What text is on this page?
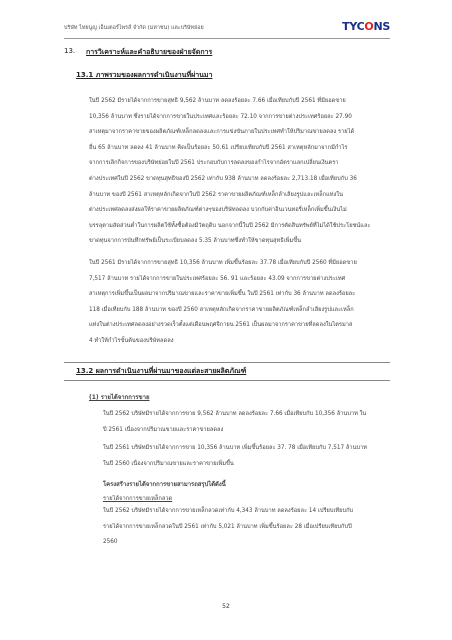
บริษัท ไทยนูญ เอ็นเตอร์ไพรส์ จำกัด (มหาชน) และบริษัทย่อย	TYCONS
13. การวิเคราะห์และคำอธิบายของฝ่ายจัดการ
13.1 ภาพรวมของผลการดำเนินงานที่ผ่านมา
ในปี 2562 มีรายได้จากการขายสุทธิ 9,562 ล้านบาท ลดลงร้อยละ 7.66 เมื่อเทียบกับปี 2561 ที่มียอดขาย
10,356 ล้านบาท ซึ่งรายได้จากการขายในประเทศและร้อยละ 72.10 จากการขายต่างประเทศร้อยละ 27.90
สาเหตุมาจากราคาขายของผลิตภัณฑ์เหล็กลดลงและการแข่งขันภายในประเทศทำให้ปริมาณขายลดลง รายได้
อื่น 65 ล้านบาท ลดลง 41 ล้านบาท คิดเป็นร้อยละ 50.61 เปรียบเทียบกับปี 2561 สาเหตุหลักมาจากมีกำไร
จากการเลิกกิจการของบริษัทย่อยในปี 2561 ประกอบกับการลดลงของกำไรจากอัตราแลกเปลี่ยนเงินตรา
ต่างประเทศในปี 2562 ขาดทุนสุทธิของปี 2562 เท่ากับ 938 ล้านบาท ลดลงร้อยละ 2,713.18 เมื่อเทียบกับ 36
ล้านบาท ของปี 2561 สาเหตุหลักเกิดจากในปี 2562 ราคาขายผลิตภัณฑ์เหล็กลำเลียงรูปและเหล็กแท่งใน
ต่างประเทศลดลงส่งผลให้ราคาขายผลิตภัณฑ์ต่างๆของบริษัทลดลง บวกกับค่าอินเวนทอรี่เหล็กเพิ่มขึ้นเงินไม่
บรรลุตามสัดส่วนต่ำในการผลิตใช้ทั้งซื้อต้องมีวัตถุดิบ นอกจากนี้ในปี 2562 มีการตัดสินทรัพย์ที่ไม่ได้ใช้ประโยชน์และ
ขาดทุนจากการบันทึกทรัพย์เป็นระเบียบลดลง 5.35 ล้านบาทซึ่งทำให้ขาดทุนสุทธิเพิ่มขึ้น
ในปี 2561 มีรายได้จากการขายสุทธิ 10,356 ล้านบาท เพิ่มขึ้นร้อยละ 37.78 เมื่อเทียบกับปี 2560 ที่มียอดขาย
7,517 ล้านบาท รายได้จากการขายในประเทศร้อยละ 56. 91 และร้อยละ 43.09 จากการขายต่างประเทศ
สาเหตุการเพิ่มขึ้นเป็นผลมาจากปริมาณขายและราคาขายเพิ่มขึ้น ในปี 2561 เท่ากับ 36 ล้านบาท ลดลงร้อยละ
118 เมื่อเทียบกับ 188 ล้านบาท ของปี 2560 สาเหตุหลักเกิดจากราคาขายผลิตภัณฑ์เหล็กลำเลียงรูปและเหล็ก
แท่งในต่างประเทศลดลงอย่างรวดเร็วตั้งแต่เดือนพฤศจิกายน 2561 เป็นผลมาจากราคาขายที่ลดลงในไตรมาส
4 ทำให้กำไรขั้นต้นของบริษัทลดลง
13.2 ผลการดำเนินงานที่ผ่านมาของแต่ละสายผลิตภัณฑ์
(1) รายได้จากการขาย
ในปี 2562 บริษัทมีรายได้จากการขาย 9,562 ล้านบาท ลดลงร้อยละ 7.66 เมื่อเทียบกับ 10,356 ล้านบาท ใน
ปี 2561 เนื่องจากปริมาณขายและราคาขายลดลง
ในปี 2561 บริษัทมีรายได้จากการขาย 10,356 ล้านบาท เพิ่มขึ้นร้อยละ 37. 78 เมื่อเทียบกับ 7,517 ล้านบาท
ในปี 2560 เนื่องจากปริมาณขายและราคาขายเพิ่มขึ้น
โครงสร้างรายได้จากการขายสามารถสรุปได้ดังนี้
รายได้จากการขายเหล็กลวด
ในปี 2562 บริษัทมีรายได้จากการขายเหล็กลวดเท่ากับ 4,343 ล้านบาท ลดลงร้อยละ 14 เปรียบเทียบกับ
รายได้จากการขายเหล็กลวดในปี 2561 เท่ากับ 5,021 ล้านบาท เพิ่มขึ้นร้อยละ 28 เมื่อเปรียบเทียบกับปี
2560
52
